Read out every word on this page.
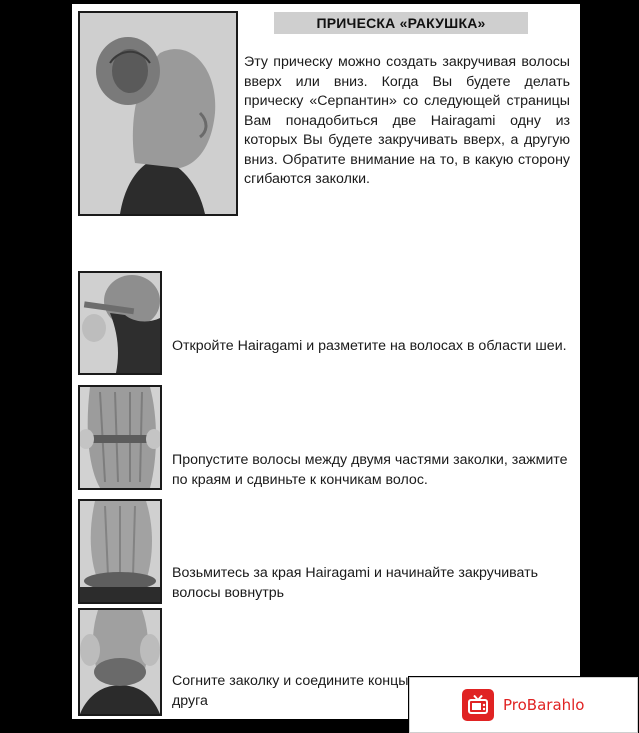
ПРИЧЕСКА «РАКУШКА»
Эту прическу можно создать закручивая волосы вверх или вниз. Когда Вы будете делать прическу «Серпантин» со следующей страницы Вам понадобиться две Hairagami одну из которых Вы будете закручивать вверх, а другую вниз. Обратите внимание на то, в какую сторону сгибаются заколки.
Откройте Hairagami и разметите на волосах в области шеи.
Пропустите волосы между двумя частями заколки, зажмите по краям и сдвиньте к кончикам волос.
Возьмитесь за края Hairagami и начинайте закручивать волосы вовнутрь
Согните заколку и соедините концы друга	ProBarahlo
